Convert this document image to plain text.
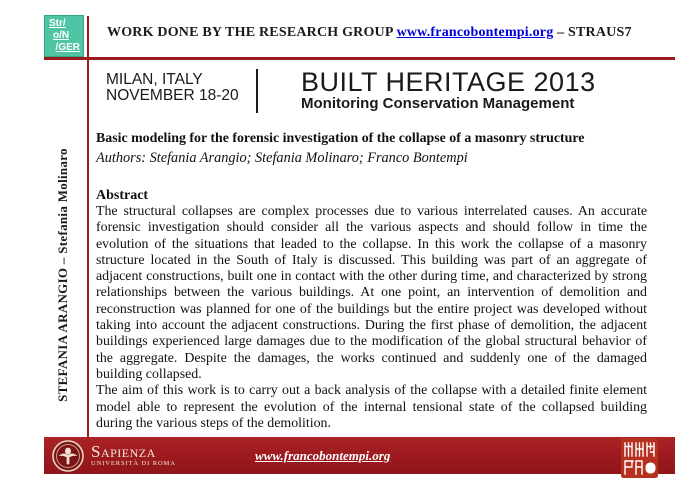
Str/
o/N
/GER
WORK DONE BY THE RESEARCH GROUP www.francobontempi.org – STRAUS7
MILAN, ITALY
NOVEMBER 18-20	BUILT HERITAGE 2013
Monitoring Conservation Management
STEFANIA ARANGIO – Stefania Molinaro
Basic modeling for the forensic investigation of the collapse of a masonry structure
Authors: Stefania Arangio; Stefania Molinaro; Franco Bontempi
Abstract

The structural collapses are complex processes due to various interrelated causes. An accurate forensic investigation should consider all the various aspects and should follow in time the evolution of the situations that leaded to the collapse. In this work the collapse of a masonry structure located in the South of Italy is discussed. This building was part of an aggregate of adjacent constructions, built one in contact with the other during time, and characterized by strong relationships between the various buildings. At one point, an intervention of demolition and reconstruction was planned for one of the buildings but the entire project was developed without taking into account the adjacent constructions. During the first phase of demolition, the adjacent buildings experienced large damages due to the modification of the global structural behavior of the aggregate. Despite the damages, the works continued and suddenly one of the damaged building collapsed.

The aim of this work is to carry out a back analysis of the collapse with a detailed finite element model able to represent the evolution of the internal tensional state of the collapsed building during the various steps of the demolition.

Sapienza
UNIVERSITÀ DI ROMA
www.francobontempi.org
